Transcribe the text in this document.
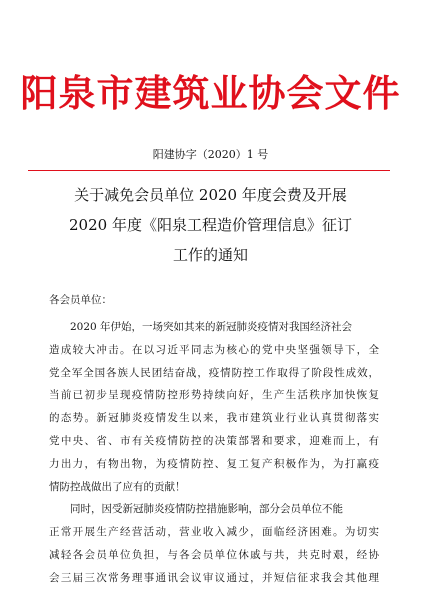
阳泉市建筑业协会文件
阳建协字（2020）1 号
关于减免会员单位 2020 年度会费及开展
2020 年度《阳泉工程造价管理信息》征订
工作的通知
各会员单位：
2020 年伊始，一场突如其来的新冠肺炎疫情对我国经济社会
造成较大冲击。在以习近平同志为核心的党中央坚强领导下，全
党全军全国各族人民团结奋战，疫情防控工作取得了阶段性成效，
当前已初步呈现疫情防控形势持续向好，生产生活秩序加快恢复
的态势。新冠肺炎疫情发生以来，我市建筑业行业认真贯彻落实
党中央、省、市有关疫情防控的决策部署和要求，迎难而上，有
力出力，有物出物，为疫情防控、复工复产积极作为，为打赢疫
情防控战做出了应有的贡献！
同时，因受新冠肺炎疫情防控措施影响，部分会员单位不能
正常开展生产经营活动，营业收入减少，面临经济困难。为切实
减轻各会员单位负担，与各会员单位休戚与共，共克时艰，经协
会三届三次常务理事通讯会议审议通过，并短信征求我会其他理
